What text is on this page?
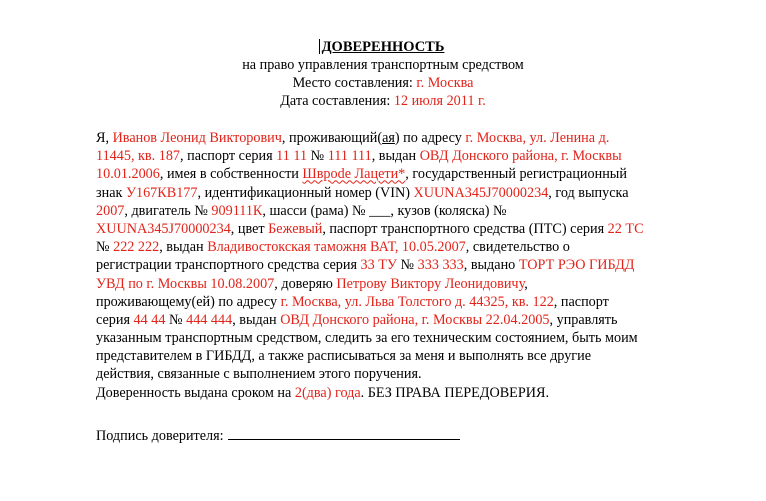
ДОВЕРЕННОСТЬ
на право управления транспортным средством
Место составления: г. Москва
Дата составления: 12 июля 2011 г.
Я, Иванов Леонид Викторович, проживающий(ая) по адресу г. Москва, ул. Ленина д.
11445, кв. 187, паспорт серия 11 11 № 111 111, выдан ОВД Донского района, г. Москвы
10.01.2006, имея в собственности Шврode Лацети*, государственный регистрационный
знак У167КВ177, идентификационный номер (VIN) XUUNA345J70000234, год выпуска
2007, двигатель № 909111К, шасси (рама) № ___, кузов (коляска) №
XUUNA345J70000234, цвет Бежевый, паспорт транспортного средства (ПТС) серия 22 ТС
№ 222 222, выдан Владивостокская таможня ВАТ, 10.05.2007, свидетельство о
регистрации транспортного средства серия 33 ТУ № 333 333, выдано ТОРТ РЭО ГИБДД
УВД по г. Москвы 10.08.2007, доверяю Петрову Виктору Леонидовичу,
проживающему(ей) по адресу г. Москва, ул. Льва Толстого д. 44325, кв. 122, паспорт
серия 44 44 № 444 444, выдан ОВД Донского района, г. Москвы 22.04.2005, управлять
указанным транспортным средством, следить за его техническим состоянием, быть моим
представителем в ГИБДД, а также расписываться за меня и выполнять все другие
действия, связанные с выполнением этого поручения.
Доверенность выдана сроком на 2(два) года. БЕЗ ПРАВА ПЕРЕДОВЕРИЯ.
Подпись доверителя:
